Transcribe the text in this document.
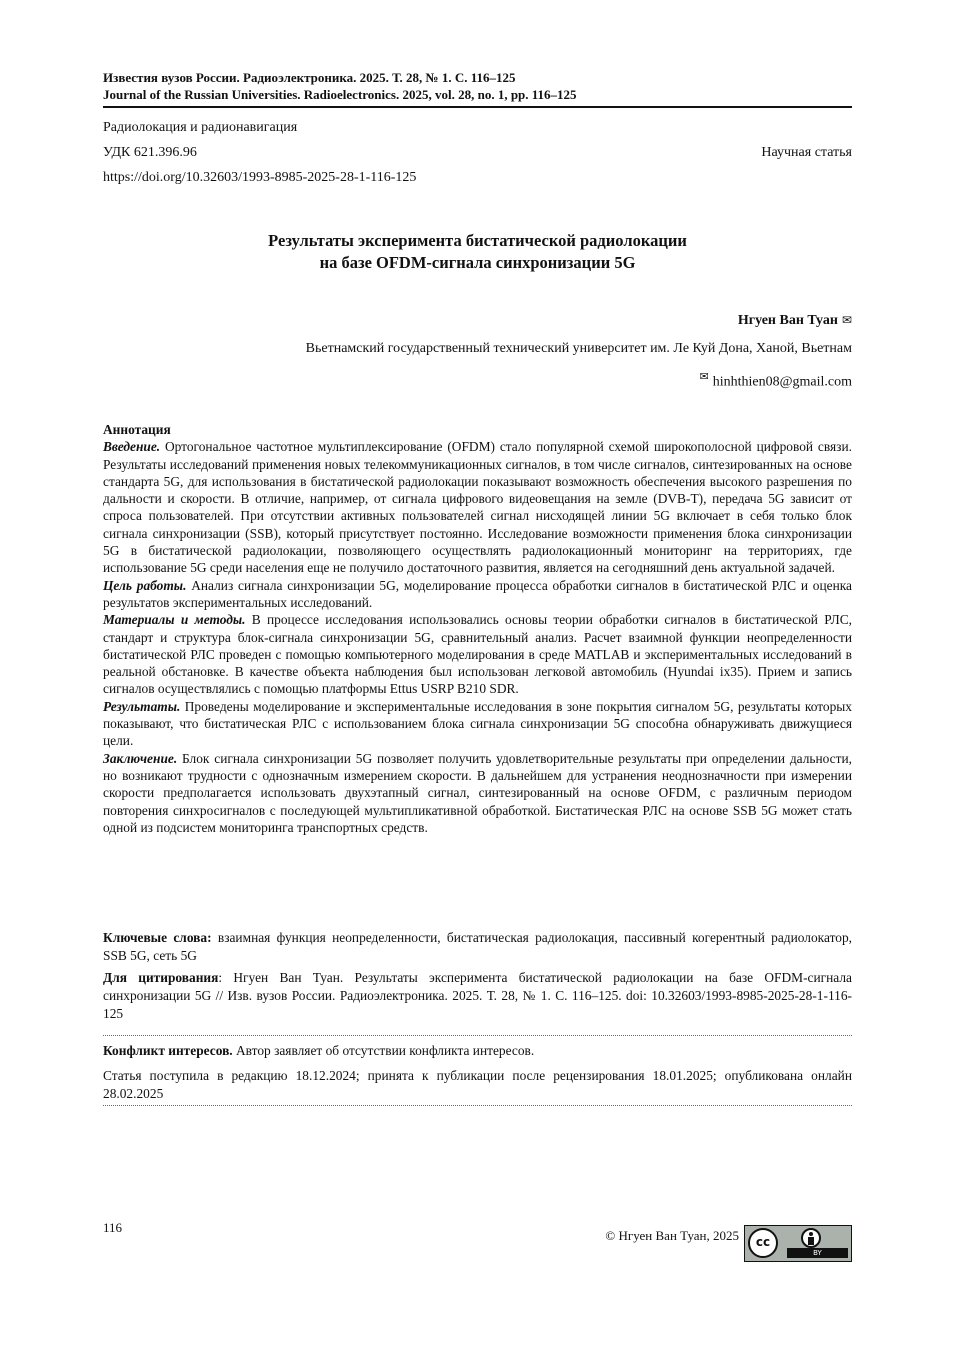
Известия вузов России. Радиоэлектроника. 2025. Т. 28, № 1. С. 116–125
Journal of the Russian Universities. Radioelectronics. 2025, vol. 28, no. 1, pp. 116–125
Радиолокация и радионавигация
УДК 621.396.96	Научная статья
https://doi.org/10.32603/1993-8985-2025-28-1-116-125
Результаты эксперимента бистатической радиолокации
на базе OFDM-сигнала синхронизации 5G
Нгуен Ван Туан ✉
Вьетнамский государственный технический университет им. Ле Куй Дона, Ханой, Вьетнам
✉ hinhthien08@gmail.com
Аннотация

Введение. Ортогональное частотное мультиплексирование (OFDM) стало популярной схемой широкополосной цифровой связи. Результаты исследований применения новых телекоммуникационных сигналов, в том числе сигналов, синтезированных на основе стандарта 5G, для использования в бистатической радиолокации показывают возможность обеспечения высокого разрешения по дальности и скорости. В отличие, например, от сигнала цифрового видеовещания на земле (DVB-T), передача 5G зависит от спроса пользователей. При отсутствии активных пользователей сигнал нисходящей линии 5G включает в себя только блок сигнала синхронизации (SSB), который присутствует постоянно. Исследование возможности применения блока синхронизации 5G в бистатической радиолокации, позволяющего осуществлять радиолокационный мониторинг на территориях, где использование 5G среди населения еще не получило достаточного развития, является на сегодняшний день актуальной задачей.

Цель работы. Анализ сигнала синхронизации 5G, моделирование процесса обработки сигналов в бистатической РЛС и оценка результатов экспериментальных исследований.

Материалы и методы. В процессе исследования использовались основы теории обработки сигналов в бистатической РЛС, стандарт и структура блок-сигнала синхронизации 5G, сравнительный анализ. Расчет взаимной функции неопределенности бистатической РЛС проведен с помощью компьютерного моделирования в среде MATLAB и экспериментальных исследований в реальной обстановке. В качестве объекта наблюдения был использован легковой автомобиль (Hyundai ix35). Прием и запись сигналов осуществлялись с помощью платформы Ettus USRP B210 SDR.

Результаты. Проведены моделирование и экспериментальные исследования в зоне покрытия сигналом 5G, результаты которых показывают, что бистатическая РЛС с использованием блока сигнала синхронизации 5G способна обнаруживать движущиеся цели.

Заключение. Блок сигнала синхронизации 5G позволяет получить удовлетворительные результаты при определении дальности, но возникают трудности с однозначным измерением скорости. В дальнейшем для устранения неоднозначности при измерении скорости предполагается использовать двухэтапный сигнал, синтезированный на основе OFDM, с различным периодом повторения синхросигналов с последующей мультипликативной обработкой. Бистатическая РЛС на основе SSB 5G может стать одной из подсистем мониторинга транспортных средств.

Ключевые слова: взаимная функция неопределенности, бистатическая радиолокация, пассивный когерентный радиолокатор, SSB 5G, сеть 5G
Для цитирования: Нгуен Ван Туан. Результаты эксперимента бистатической радиолокации на базе OFDM-сигнала синхронизации 5G // Изв. вузов России. Радиоэлектроника. 2025. Т. 28, № 1. С. 116–125. doi: 10.32603/1993-8985-2025-28-1-116-125
Конфликт интересов. Автор заявляет об отсутствии конфликта интересов.
Статья поступила в редакцию 18.12.2024; принята к публикации после рецензирования 18.01.2025; опубликована онлайн 28.02.2025
116
© Нгуен Ван Туан, 2025	cc
BY
